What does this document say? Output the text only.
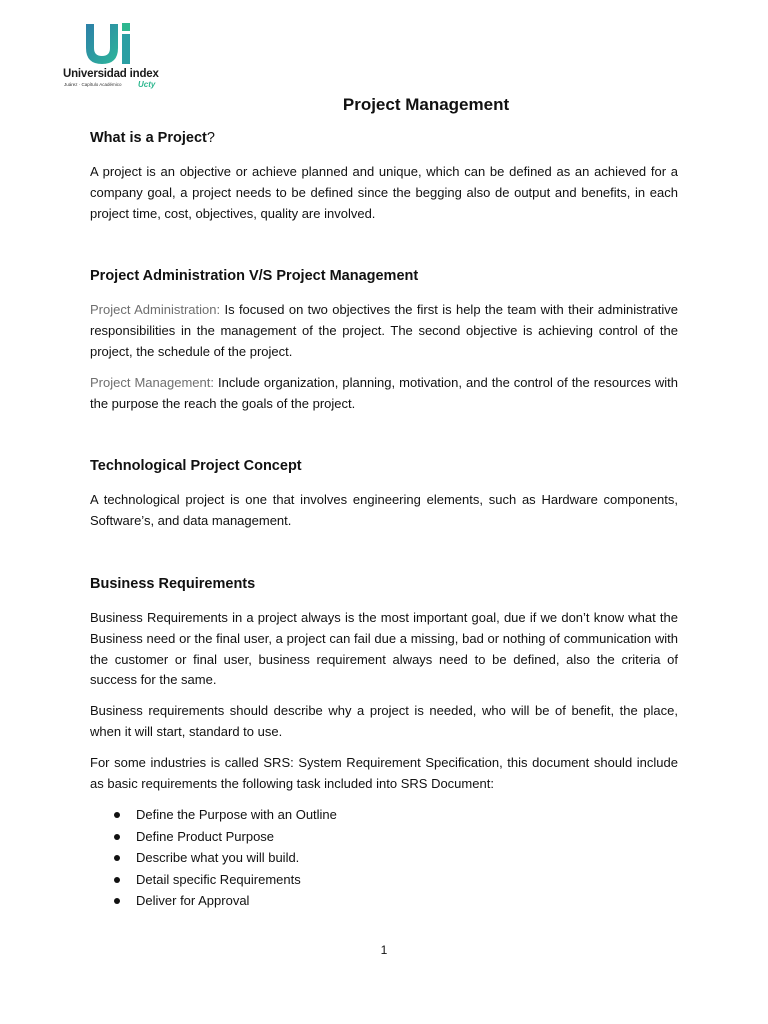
Universidad index
Juárez · Capítulo Académico Ucty
Project Management
What is a Project?

A project is an objective or achieve planned and unique, which can be defined as an achieved for a company goal, a project needs to be defined since the begging also de output and benefits, in each project time, cost, objectives, quality are involved.

Project Administration V/S Project Management

Project Administration: Is focused on two objectives the first is help the team with their administrative responsibilities in the management of the project. The second objective is achieving control of the project, the schedule of the project.

Project Management: Include organization, planning, motivation, and the control of the resources with the purpose the reach the goals of the project.

Technological Project Concept

A technological project is one that involves engineering elements, such as Hardware components, Software’s, and data management.

Business Requirements

Business Requirements in a project always is the most important goal, due if we don’t know what the Business need or the final user, a project can fail due a missing, bad or nothing of communication with the customer or final user, business requirement always need to be defined, also the criteria of success for the same.

Business requirements should describe why a project is needed, who will be of benefit, the place, when it will start, standard to use.

For some industries is called SRS: System Requirement Specification, this document should include as basic requirements the following task included into SRS Document:

Define the Purpose with an Outline
Define Product Purpose
Describe what you will build.
Detail specific Requirements
Deliver for Approval
1
